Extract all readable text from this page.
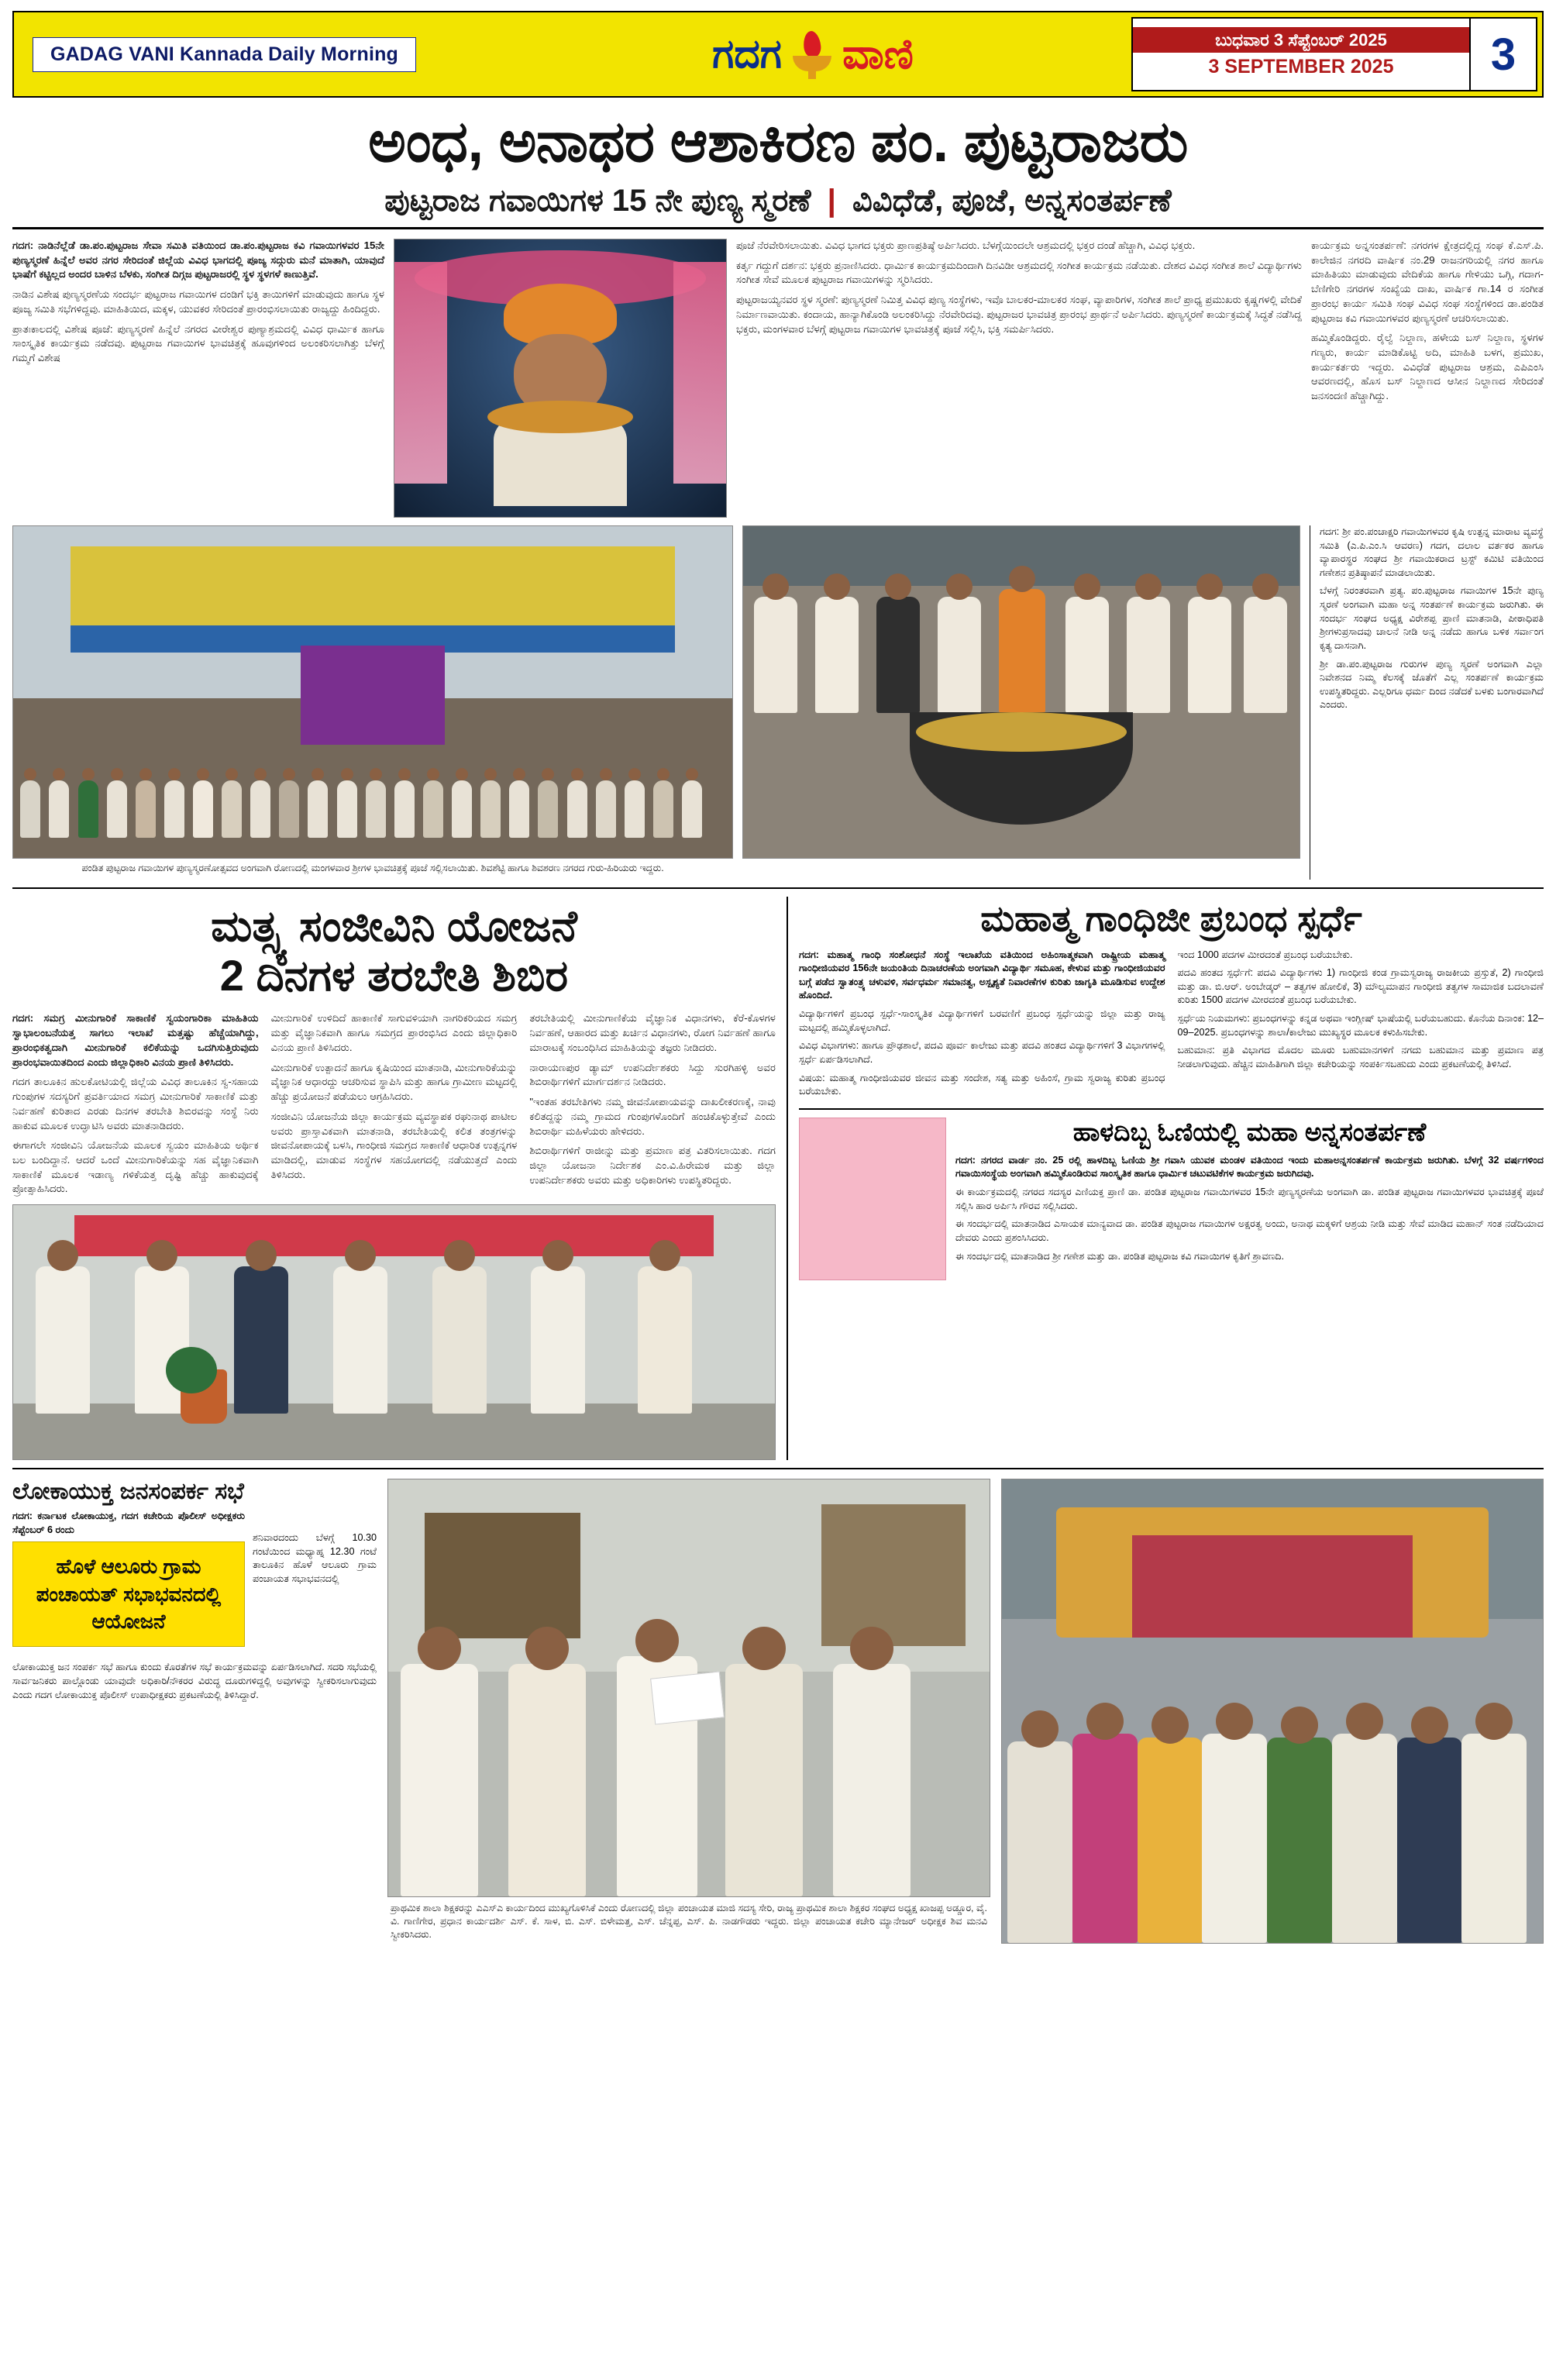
GADAG VANI Kannada Daily Morning	ಗದಗ ವಾಣಿ	ಬುಧವಾರ 3 ಸೆಪ್ಟೆಂಬರ್ 2025
3 SEPTEMBER 2025	3
ಅಂಧ, ಅನಾಥರ ಆಶಾಕಿರಣ ಪಂ. ಪುಟ್ಟರಾಜರು
ಪುಟ್ಟರಾಜ ಗವಾಯಿಗಳ 15 ನೇ ಪುಣ್ಯ ಸ್ಮರಣೆ | ವಿವಿಧೆಡೆ, ಪೂಜೆ, ಅನ್ನಸಂತರ್ಪಣೆ

ಗದಗ: ನಾಡಿನೆಲ್ಲೆಡೆ ಡಾ.ಪಂ.ಪುಟ್ಟರಾಜ ಸೇವಾ ಸಮಿತಿ ವತಿಯಿಂದ ಡಾ.ಪಂ.ಪುಟ್ಟರಾಜ ಕವಿ ಗವಾಯಿಗಳವರ 15ನೇ ಪುಣ್ಯಸ್ಮರಣೆ ಹಿನ್ನೆಲೆ ಅವರ ನಗರ ಸೇರಿದಂತೆ ಜಿಲ್ಲೆಯ ವಿವಿಧ ಭಾಗದಲ್ಲಿ ಪೂಜ್ಯ ಸದ್ಗುರು ಮನೆ ಮಾತಾಗಿ, ಯಾವುದೆ ಭಾಷೆಗೆ ಕಟ್ಟಿಲ್ಲದ ಅಂದರ ಬಾಳಿನ ಬೆಳಕು, ಸಂಗೀತ ದಿಗ್ಗಜ ಪುಟ್ಟರಾಜರಲ್ಲಿ ಸ್ಥಳ ಸ್ಥಳಗಳೆ ಕಾಣುತ್ತಿವೆ.

ನಾಡಿನ ವಿಶೇಷ ಪುಣ್ಯಸ್ಮರಣೆಯ ಸಂದರ್ಭ ಪುಟ್ಟರಾಜ ಗವಾಯಿಗಳ ದಂಡಿಗೆ ಭಕ್ತಿ ತಾಯಿಗಳಿಗೆ ಮಾಡುವುದು ಹಾಗೂ ಸ್ಥಳ ಪೂಜ್ಯ ಸಮಿತಿ ಸಭೆಗಳಿದ್ದವು. ಮಾಹಿತಿಯಿದ, ಮಕ್ಕಳ, ಯುವಕರ ಸೇರಿದಂತೆ ಪ್ರಾರಂಭಿಸಲಾಯಿತು ರಾಜ್ಯದ್ದು ಹಿಂದಿದ್ದರು.

ಪ್ರಾತಃಕಾಲದಲ್ಲಿ ವಿಶೇಷ ಪೂಜೆ: ಪುಣ್ಯಸ್ಮರಣೆ ಹಿನ್ನೆಲೆ ನಗರದ ವೀರೇಶ್ವರ ಪುಣ್ಯಾಶ್ರಮದಲ್ಲಿ ವಿವಿಧ ಧಾರ್ಮಿಕ ಹಾಗೂ ಸಾಂಸ್ಕೃತಿಕ ಕಾರ್ಯಕ್ರಮ ನಡೆದವು. ಪುಟ್ಟರಾಜ ಗವಾಯಿಗಳ ಭಾವಚಿತ್ರಕ್ಕೆ ಹೂವುಗಳಿಂದ ಅಲಂಕರಿಸಲಾಗಿತ್ತು ಬೆಳಗ್ಗೆ ಗಮ್ಮಗೆ ವಿಶೇಷ

ಪೂಜೆ ನೆರವೇರಿಸಲಾಯಿತು. ವಿವಿಧ ಭಾಗದ ಭಕ್ತರು ಪ್ರಾಣಪ್ರತಿಷ್ಠೆ ಅರ್ಪಿಸಿದರು. ಬೆಳಗ್ಗೆಯಿಂದಲೇ ಆಶ್ರಮದಲ್ಲಿ ಭಕ್ತರ ದಂಡೆ ಹೆಚ್ಚಾಗಿ, ವಿವಿಧ ಭಕ್ತರು.

ಕರ್ತೃ ಗದ್ದುಗೆ ದರ್ಶನ: ಭಕ್ತರು ಪ್ರನಾಣಿಸಿದರು. ಧಾರ್ಮಿಕ ಕಾರ್ಯಕ್ರಮದಿಂದಾಗಿ ದಿನವಿಡೀ ಆಶ್ರಮದಲ್ಲಿ ಸಂಗೀತ ಕಾರ್ಯಕ್ರಮ ನಡೆಯಿತು. ದೇಶದ ವಿವಿಧ ಸಂಗೀತ ಶಾಲೆ ವಿದ್ಯಾರ್ಥಿಗಳು ಸಂಗೀತ ಸೇವೆ ಮೂಲಕ ಪುಟ್ಟರಾಜ ಗವಾಯಿಗಳನ್ನು ಸ್ಮರಿಸಿದರು.

ಪುಟ್ಟರಾಜಯ್ಯನವರ ಸ್ಥಳ ಸ್ಮರಣೆ: ಪುಣ್ಯಸ್ಮರಣೆ ನಿಮಿತ್ತ ವಿವಿಧ ಪುಣ್ಯ ಸಂಸ್ಥೆಗಳು, ಇವೊ ಬಾಲಕರ-ಮಾಲಕರ ಸಂಘ, ವ್ಯಾಪಾರಿಗಳ, ಸಂಗೀತ ಶಾಲೆ ಪ್ರಾಧ್ಯ ಪ್ರಮುಖರು ಕೃಷ್ಣಗಳಲ್ಲಿ ವೇದಿಕೆ ನಿರ್ಮಾಣವಾಯಿತು. ಕಂದಾಯ, ಹಾನ್ಯಾಗಿಕೊಂಡಿ ಅಲಂಕರಿಸಿದ್ದು ನೆರವೇರಿದವು. ಪುಟ್ಟರಾಜರ ಭಾವಚಿತ್ರ ಪ್ರಾರಂಭ ಪ್ರಾರ್ಥನೆ ಅರ್ಪಿಸಿದರು. ಪುಣ್ಯಸ್ಮರಣೆ ಕಾರ್ಯಕ್ರಮಕ್ಕೆ ಸಿದ್ಧತೆ ನಡೆಸಿದ್ದ ಭಕ್ತರು, ಮಂಗಳವಾರ ಬೆಳಗ್ಗೆ ಪುಟ್ಟರಾಜ ಗವಾಯಿಗಳ ಭಾವಚಿತ್ರಕ್ಕೆ ಪೂಜೆ ಸಲ್ಲಿಸಿ, ಭಕ್ತಿ ಸಮರ್ಪಿಸಿದರು.

ಕಾರ್ಯಕ್ರಮ ಅನ್ನಸಂತರ್ಪಣೆ: ನಗರಗಳ ಕ್ಷೇತ್ರದಲ್ಲಿದ್ದ ಸಂಘ ಕೆ.ಎಸ್.ಪಿ. ಕಾಲೇಜಿನ ನಗರದಿ ವಾರ್ಷಿಕ ನಂ.29 ರಾಜನಗರಿಯಲ್ಲಿ ನಗರ ಹಾಗೂ ಮಾಹಿತಿಯು ಮಾಡುವುದು ವೇದಿಕೆಯ ಹಾಗೂ ಗೇಳಿಯು ಒಗ್ಗಿ, ಗದಾಗ-ಬೆಣಿಗೇರಿ ನಗರಗಳ ಸಂಖ್ಯೆಯ ದಾಖ, ವಾರ್ಷಿಕ ಗಾ.14 ರ ಸಂಗೀತ ಪ್ರಾರಂಭ ಕಾರ್ಯ ಸಮಿತಿ ಸಂಘ ವಿವಿಧ ಸಂಘ ಸಂಸ್ಥೆಗಳಿಂದ ಡಾ.ಪಂಡಿತ ಪುಟ್ಟರಾಜ ಕವಿ ಗವಾಯಿಗಳವರ ಪುಣ್ಯಸ್ಮರಣೆ ಆಚರಿಸಲಾಯಿತು.

ಹಮ್ಮಿಕೊಂಡಿದ್ದರು. ರೈಲ್ವೆ ನಿಲ್ದಾಣ, ಹಳೇಯ ಬಸ್ ನಿಲ್ದಾಣ, ಸ್ಥಳಗಳ ಗಣ್ಯರು, ಕಾರ್ಯ ಮಾಡಿಕೊಟ್ಟಿ ಅದಿ, ಮಾಹಿತಿ ಬಳಗ, ಪ್ರಮುಖ, ಕಾರ್ಯಕರ್ತರು ಇದ್ದರು. ವಿವಿಧೆಡೆ ಪುಟ್ಟರಾಜ ಆಶ್ರಮ, ಎಪಿಎಂಸಿ ಆವರಣದಲ್ಲಿ, ಹೊಸ ಬಸ್ ನಿಲ್ದಾಣದ ಆಸೀನ ನಿಲ್ದಾಣದ ಸೇರಿದಂತೆ ಜನಸಂದಣಿ ಹೆಚ್ಚಾಗಿದ್ದು.

ಪಂಡಿತ ಪುಟ್ಟರಾಜ ಗವಾಯಿಗಳ ಪುಣ್ಯಸ್ಮರಣೋತ್ಸವದ ಅಂಗವಾಗಿ ರೋಣದಲ್ಲಿ ಮಂಗಳವಾರ ಶ್ರೀಗಳ ಭಾವಚಿತ್ರಕ್ಕೆ ಪೂಜೆ ಸಲ್ಲಿಸಲಾಯಿತು. ಶಿವಶೆಟ್ಟಿ ಹಾಗೂ ಶಿವಶರಣ ನಗರದ ಗುರು-ಹಿರಿಯರು ಇದ್ದರು.

ಗದಗ: ಶ್ರೀ ಪಂ.ಪಂಚಾಕ್ಷರಿ ಗವಾಯಿಗಳವರ ಕೃಷಿ ಉತ್ಪನ್ನ ಮಾರಾಟ ವ್ಯವಸ್ಥೆ ಸಮಿತಿ (ಎ.ಪಿ.ಎಂ.ಸಿ ಆವರಣ) ಗದಗ, ದಲಾಲ ವರ್ತಕರ ಹಾಗೂ ವ್ಯಾಪಾರಸ್ಥರ ಸಂಘದ ಶ್ರೀ ಗವಾಯಿಕರಾದ ಟ್ರಸ್ಟ್ ಕಮಿಟಿ ವತಿಯಿಂದ ಗಣೇಶನ ಪ್ರತಿಷ್ಠಾಪನೆ ಮಾಡಲಾಯಿತು.

ಬೆಳಗ್ಗೆ ನಿರಂತರವಾಗಿ ಪ್ರತ್ಯ. ಪಂ.ಪುಟ್ಟರಾಜ ಗವಾಯಿಗಳ 15ನೇ ಪುಣ್ಯ ಸ್ಮರಣೆ ಅಂಗವಾಗಿ ಮಹಾ ಅನ್ನ ಸಂತರ್ಪಣೆ ಕಾರ್ಯಕ್ರಮ ಜರುಗಿತು. ಈ ಸಂದರ್ಭ ಸಂಘದ ಅಧ್ಯಕ್ಷ ವಿರೇಶಪ್ಪ ಪ್ರಾಣಿ ಮಾತನಾಡಿ, ಪೀಠಾಧಿಪತಿ ಶ್ರೀಗಳುಪ್ರಸಾದವು ಚಾಲನೆ ನೀಡಿ ಅನ್ನ ನಡೆದು ಹಾಗೂ ಬಳಿಕ ಸರ್ವಾಂಗ ಕೃತ್ಯ ದಾಸನಾಗಿ.

ಶ್ರೀ ಡಾ.ಪಂ.ಪುಟ್ಟರಾಜ ಗುರುಗಳ ಪುಣ್ಯ ಸ್ಮರಣೆ ಅಂಗವಾಗಿ ಎಲ್ಲಾ ನಿವೇಶನದ ನಿಮ್ಮ ಕೆಲಸಕ್ಕೆ ಜೊತೆಗೆ ಎಲ್ಲ ಸಂತರ್ಪಣೆ ಕಾರ್ಯಕ್ರಮ ಉಪಸ್ಥಿತರಿದ್ದರು. ಎಲ್ಲರಿಗೂ ಧರ್ಮ ದಿಂದ ನಡೆದಕೆ ಬಳಕು ಬಂಗಾರವಾಗಿದೆ ಎಂದರು.

ಮತ್ಸ್ಯ ಸಂಜೀವಿನಿ ಯೋಜನೆ
2 ದಿನಗಳ ತರಬೇತಿ ಶಿಬಿರ

ಗದಗ: ಸಮಗ್ರ ಮೀನುಗಾರಿಕೆ ಸಾಕಾಣಿಕೆ ಸ್ವಯಂಗಾರಿಕಾ ಮಾಹಿತಿಯ ಸ್ವಾಭಾಲಂಬನೆಯತ್ತ ಸಾಗಲು ಇಲಾಖೆ ಮತ್ತಷ್ಟು ಹೆಚ್ಚೆಯಾಗಿದ್ದು, ಪ್ರಾರಂಭಿಕತ್ವದಾಗಿ ಮೀನುಗಾರಿಕೆ ಕಲಿಕೆಯನ್ನು ಒದಗಿಸುತ್ತಿರುವುದು ಪ್ರಾರಂಭವಾಯಿತದಿಂದ ಎಂದು ಜಿಲ್ಲಾಧಿಕಾರಿ ವಿನಯ ಪ್ರಾಣಿ ತಿಳಿಸಿದರು.

ಗದಗ ತಾಲೂಕಿನ ಹುಲಕೋಟಿಯಲ್ಲಿ ಜಿಲ್ಲೆಯ ವಿವಿಧ ತಾಲೂಕಿನ ಸ್ವ-ಸಹಾಯ ಗುಂಪುಗಳ ಸದಸ್ಯರಿಗೆ ಪ್ರವರ್ತಿಯಾದ ಸಮಗ್ರ ಮೀನುಗಾರಿಕೆ ಸಾಕಾಣಿಕೆ ಮತ್ತು ನಿರ್ವಹಣೆ ಕುರಿತಾದ ಎರಡು ದಿನಗಳ ತರಬೇತಿ ಶಿಬಿರವನ್ನು ಸಂಸ್ಥೆ ನಿರು ಹಾಕುವ ಮೂಲಕ ಉದ್ಘಾಟಿಸಿ ಅವರು ಮಾತನಾಡಿದರು.

ಈಗಾಗಲೇ ಸಂಜೀವಿನಿ ಯೋಜನೆಯ ಮೂಲಕ ಸ್ವಯಂ ಮಾಹಿತಿಯ ಅರ್ಥಿಕ ಬಲ ಬಂದಿದ್ದಾನೆ. ಆದರೆ ಒಂದೆ ಮೀನುಗಾರಿಕೆಯನ್ನು ಸಹ ವೈಜ್ಞಾನಿಕವಾಗಿ ಸಾಕಾಣಿಕೆ ಮೂಲಕ ಇಡಾಣ್ಯ ಗಳಿಕೆಯತ್ತ ದೃಷ್ಟಿ ಹೆಚ್ಚು ಹಾಕುವುದಕ್ಕೆ ಪ್ರೋತ್ಸಾಹಿಸಿದರು.

ಮೀನುಗಾರಿಕೆ ಉಳಿದಿದೆ ಹಾಕಾಣಿಕೆ ಸಾಗುವಳಿಯಾಗಿ ನಾಗರಿಕರಿಯದ ಸಮಗ್ರ ಮತ್ತು ವೈಜ್ಞಾನಿಕವಾಗಿ ಹಾಗೂ ಸಮಗ್ರದ ಪ್ರಾರಂಭಿಸಿದ ಎಂದು ಜಿಲ್ಲಾಧಿಕಾರಿ ವಿನಯ ಪ್ರಾಣಿ ತಿಳಿಸಿದರು.

ಮೀನುಗಾರಿಕೆ ಉತ್ಪಾದನೆ ಹಾಗೂ ಕೃಷಿಯಿಂದ ಮಾತನಾಡಿ, ಮೀನುಗಾರಿಕೆಯನ್ನು ವೈಜ್ಞಾನಿಕ ಆಧಾರದ್ದು ಆಚರಿಸುವ ಸ್ಥಾಪಿಸಿ ಮತ್ತು ಹಾಗೂ ಗ್ರಾಮೀಣ ಮಟ್ಟದಲ್ಲಿ ಹೆಚ್ಚು ಪ್ರಯೋಜನೆ ಪಡೆಯಲು ಆಗ್ರಹಿಸಿದರು.

ಸಂಜೀವಿನಿ ಯೋಜನೆಯ ಜಿಲ್ಲಾ ಕಾರ್ಯಕ್ರಮ ವ್ಯವಸ್ಥಾಪಕ ರಘುನಾಥ ಪಾಟೀಲ ಅವರು ಪ್ರಾಸ್ತಾವಿಕವಾಗಿ ಮಾತನಾಡಿ, ತರಬೇತಿಯಲ್ಲಿ ಕಲಿತ ತಂತ್ರಗಳನ್ನು ಜೀವನೋಪಾಯಕ್ಕೆ ಬಳಸಿ, ಗಾಂಧೀಜಿ ಸಮಗ್ರದ ಸಾಕಾಣಿಕೆ ಆಧಾರಿತ ಉತ್ಪನ್ನಗಳ ಮಾಡಿದಲ್ಲಿ, ಮಾಡುವ ಸಂಸ್ಥೆಗಳ ಸಹಯೋಗದಲ್ಲಿ ನಡೆಯುತ್ತದೆ ಎಂದು ತಿಳಿಸಿದರು.

ತರಬೇತಿಯಲ್ಲಿ ಮೀನುಗಾಣಿಕೆಯ ವೈಜ್ಞಾನಿಕ ವಿಧಾನಗಳು, ಕೆರೆ-ಕೊಳಗಳ ನಿರ್ವಹಣೆ, ಆಹಾರದ ಮತ್ತು ಖರ್ಚಿನ ವಿಧಾನಗಳು, ರೋಗ ನಿರ್ವಹಣೆ ಹಾಗೂ ಮಾರಾಟಕ್ಕೆ ಸಂಬಂಧಿಸಿದ ಮಾಹಿತಿಯನ್ನು ತಜ್ಞರು ನೀಡಿದರು.

ನಾರಾಯಣಪುರ ಡ್ಯಾಮ್ ಉಪನಿರ್ದೇಶಕರು ಸಿದ್ದು ಸುರಗಿಹಳ್ಳಿ ಅವರ ಶಿಬಿರಾರ್ಥಿಗಳಿಗೆ ಮಾರ್ಗದರ್ಶನ ನೀಡಿದರು.

"ಇಂತಹ ತರಬೇತಿಗಳು ನಮ್ಮ ಜೀವನೋಪಾಯವನ್ನು ದಾಖಲೀಕರಣಕ್ಕೆ, ನಾವು ಕಲಿತದ್ದನ್ನು ನಮ್ಮ ಗ್ರಾಮದ ಗುಂಪುಗಳೊಂದಿಗೆ ಹಂಚಿಕೊಳ್ಳುತ್ತೇವೆ ಎಂದು ಶಿಬಿರಾರ್ಥಿ ಮಹಿಳೆಯರು ಹೇಳಿದರು.

ಶಿಬಿರಾರ್ಥಿಗಳಿಗೆ ರಾಜೀನ್ನು ಮತ್ತು ಪ್ರಮಾಣ ಪತ್ರ ವಿತರಿಸಲಾಯಿತು. ಗದಗ ಜಿಲ್ಲಾ ಯೋಜನಾ ನಿರ್ದೇಶಕ ಎಂ.ವಿ.ಹಿರೇಮಠ ಮತ್ತು ಜಿಲ್ಲಾ ಉಪನಿರ್ದೇಶಕರು ಅವರು ಮತ್ತು ಅಧಿಕಾರಿಗಳು ಉಪಸ್ಥಿತರಿದ್ದರು.

ಮಹಾತ್ಮ ಗಾಂಧಿಜೀ ಪ್ರಬಂಧ ಸ್ಪರ್ಧೆ

ಗದಗ: ಮಹಾತ್ಮ ಗಾಂಧಿ ಸಂಶೋಧನೆ ಸಂಸ್ಥೆ ಇಲಾಖೆಯ ವತಿಯಿಂದ ಅಹಿಂಸಾತ್ಮಕವಾಗಿ ರಾಷ್ಟ್ರೀಯ ಮಹಾತ್ಮ ಗಾಂಧೀಜಿಯವರ 156ನೇ ಜಯಂತಿಯ ದಿನಾಚರಣೆಯ ಅಂಗವಾಗಿ ವಿದ್ಯಾರ್ಥಿ ಸಮೂಹ, ಕೇಳುವ ಮತ್ತು ಗಾಂಧೀಜಿಯವರ ಬಗ್ಗೆ ಪಡೆದ ಸ್ವಾತಂತ್ರ್ಯ ಚಳುವಳಿ, ಸರ್ವಧರ್ಮ ಸಮಾನತ್ವ, ಅಸ್ಪೃಶ್ಯತೆ ನಿವಾರಣೆಗಳ ಕುರಿತು ಜಾಗೃತಿ ಮೂಡಿಸುವ ಉದ್ದೇಶ ಹೊಂದಿದೆ.

ವಿದ್ಯಾರ್ಥಿಗಳಿಗೆ ಪ್ರಬಂಧ ಸ್ಪರ್ಧೆ-ಸಾಂಸ್ಕೃತಿಕ ವಿದ್ಯಾರ್ಥಿಗಳಿಗೆ ಬರವಣಿಗೆ ಪ್ರಬಂಧ ಸ್ಪರ್ಧೆಯನ್ನು ಜಿಲ್ಲಾ ಮತ್ತು ರಾಜ್ಯ ಮಟ್ಟದಲ್ಲಿ ಹಮ್ಮಿಕೊಳ್ಳಲಾಗಿದೆ.

ವಿವಿಧ ವಿಭಾಗಗಳು: ಹಾಗೂ ಪ್ರೌಢಶಾಲೆ, ಪದವಿ ಪೂರ್ವ ಕಾಲೇಜು ಮತ್ತು ಪದವಿ ಹಂತದ ವಿದ್ಯಾರ್ಥಿಗಳಿಗೆ 3 ವಿಭಾಗಗಳಲ್ಲಿ ಸ್ಪರ್ಧೆ ಏರ್ಪಡಿಸಲಾಗಿದೆ.

ವಿಷಯ: ಮಹಾತ್ಮ ಗಾಂಧೀಜಿಯವರ ಜೀವನ ಮತ್ತು ಸಂದೇಶ, ಸತ್ಯ ಮತ್ತು ಅಹಿಂಸೆ, ಗ್ರಾಮ ಸ್ವರಾಜ್ಯ ಕುರಿತು ಪ್ರಬಂಧ ಬರೆಯಬೇಕು.

ಇಂದ 1000 ಪದಗಳ ಮೀರದಂತೆ ಪ್ರಬಂಧ ಬರೆಯಬೇಕು.

ಪದವಿ ಹಂತದ ಸ್ಪರ್ಧೆಗೆ: ಪದವಿ ವಿದ್ಯಾರ್ಥಿಗಳು 1) ಗಾಂಧೀಜಿ ಕಂಡ ಗ್ರಾಮಸ್ವರಾಜ್ಯ ರಾಜಕೀಯ ಪ್ರಸ್ತುತೆ, 2) ಗಾಂಧೀಜಿ ಮತ್ತು ಡಾ. ಬಿ.ಆರ್. ಅಂಬೇಡ್ಕರ್ – ತತ್ವಗಳ ಹೋಲಿಕೆ, 3) ಮೌಲ್ಯಮಾಪನ ಗಾಂಧೀಜಿ ತತ್ವಗಳ ಸಾಮಾಜಿಕ ಬದಲಾವಣೆ ಕುರಿತು 1500 ಪದಗಳ ಮೀರದಂತೆ ಪ್ರಬಂಧ ಬರೆಯಬೇಕು.

ಸ್ಪರ್ಧೆಯ ನಿಯಮಗಳು: ಪ್ರಬಂಧಗಳನ್ನು ಕನ್ನಡ ಅಥವಾ ಇಂಗ್ಲೀಷ್ ಭಾಷೆಯಲ್ಲಿ ಬರೆಯಬಹುದು. ಕೊನೆಯ ದಿನಾಂಕ: 12–09–2025. ಪ್ರಬಂಧಗಳನ್ನು ಶಾಲಾ/ಕಾಲೇಜು ಮುಖ್ಯಸ್ಥರ ಮೂಲಕ ಕಳುಹಿಸಬೇಕು.

ಬಹುಮಾನ: ಪ್ರತಿ ವಿಭಾಗದ ಮೊದಲ ಮೂರು ಬಹುಮಾನಗಳಿಗೆ ನಗದು ಬಹುಮಾನ ಮತ್ತು ಪ್ರಮಾಣ ಪತ್ರ ನೀಡಲಾಗುವುದು. ಹೆಚ್ಚಿನ ಮಾಹಿತಿಗಾಗಿ ಜಿಲ್ಲಾ ಕಚೇರಿಯನ್ನು ಸಂಪರ್ಕಿಸಬಹುದು ಎಂದು ಪ್ರಕಟಣೆಯಲ್ಲಿ ತಿಳಿಸಿದೆ.

ಹಾಳದಿಬ್ಬ ಓಣಿಯಲ್ಲಿ ಮಹಾ ಅನ್ನಸಂತರ್ಪಣೆ

ಗದಗ: ನಗರದ ವಾರ್ಡ ನಂ. 25 ರಲ್ಲಿ ಹಾಳದಿಬ್ಬ ಓಣಿಯ ಶ್ರೀ ಗವಾಸಿ ಯುವಕ ಮಂಡಳ ವತಿಯಿಂದ ಇಂದು ಮಹಾಅನ್ನಸಂತರ್ಪಣೆ ಕಾರ್ಯಕ್ರಮ ಜರುಗಿತು. ಬೆಳಗ್ಗೆ 32 ವರ್ಷಗಳಿಂದ ಗವಾಯಿಸಂಸ್ಥೆಯ ಅಂಗವಾಗಿ ಹಮ್ಮಿಕೊಂಡಿರುವ ಸಾಂಸ್ಕೃತಿಕ ಹಾಗೂ ಧಾರ್ಮಿಕ ಚಟುವಟಿಕೆಗಳ ಕಾರ್ಯಕ್ರಮ ಜರುಗಿದವು.

ಈ ಕಾರ್ಯಕ್ರಮದಲ್ಲಿ ನಗರದ ಸದಸ್ಯರ ಎಣಿಯಕ್ತ ಪ್ರಾಣಿ ಡಾ. ಪಂಡಿತ ಪುಟ್ಟರಾಜ ಗವಾಯಿಗಳವರ 15ನೇ ಪುಣ್ಯಸ್ಮರಣೆಯ ಅಂಗವಾಗಿ ಡಾ. ಪಂಡಿತ ಪುಟ್ಟರಾಜ ಗವಾಯಿಗಳವರ ಭಾವಚಿತ್ರಕ್ಕೆ ಪೂಜೆ ಸಲ್ಲಿಸಿ ಹಾರ ಅರ್ಪಿಸಿ ಗೌರವ ಸಲ್ಲಿಸಿದರು.

ಈ ಸಂದರ್ಭದಲ್ಲಿ ಮಾತನಾಡಿದ ಎಸಾಯಕ ಮಾನ್ಯವಾದ ಡಾ. ಪಂಡಿತ ಪುಟ್ಟರಾಜ ಗವಾಯಿಗಳ ಅಕ್ಷರತ್ವ ಅಂದು, ಅನಾಥ ಮಕ್ಕಳಿಗೆ ಆಶ್ರಯ ನೀಡಿ ಮತ್ತು ಸೇವೆ ಮಾಡಿದ ಮಹಾನ್ ಸಂತ ನಡೆದಿಯಾದ ದೇವರು ಎಂದು ಪ್ರಶಂಸಿಸಿದರು.

ಈ ಸಂದರ್ಭದಲ್ಲಿ ಮಾತನಾಡಿದ ಶ್ರೀ ಗಣೇಶ ಮತ್ತು ಡಾ. ಪಂಡಿತ ಪುಟ್ಟರಾಜ ಕವಿ ಗವಾಯಿಗಳ ಕೃತಿಗೆ ಶ್ರಾವಣದಿ.

ಲೋಕಾಯುಕ್ತ ಜನಸಂಪರ್ಕ ಸಭೆ

ಗದಗ: ಕರ್ನಾಟಕ ಲೋಕಾಯುಕ್ತ, ಗದಗ ಕಚೇರಿಯ ಪೊಲೀಸ್ ಅಧೀಕ್ಷಕರು ಸೆಪ್ಟೆಂಬರ್ 6 ರಂದು

ಹೊಳೆ ಆಲೂರು ಗ್ರಾಮ ಪಂಚಾಯತ್ ಸಭಾಭವನದಲ್ಲಿ ಆಯೋಜನೆ

ಶನಿವಾರದಂದು ಬೆಳಗ್ಗೆ 10.30 ಗಂಟೆಯಿಂದ ಮಧ್ಯಾಹ್ನ 12.30 ಗಂಟೆ ತಾಲೂಕಿನ ಹೊಳೆ ಆಲೂರು ಗ್ರಾಮ ಪಂಚಾಯತ ಸಭಾಭವನದಲ್ಲಿ

ಲೋಕಾಯುಕ್ತ ಜನ ಸಂಪರ್ಕ ಸಭೆ ಹಾಗೂ ಕುಂದು ಕೊರತೆಗಳ ಸಭೆ ಕಾರ್ಯಕ್ರಮವನ್ನು ಏರ್ಪಡಿಸಲಾಗಿದೆ. ಸದರಿ ಸಭೆಯಲ್ಲಿ ಸಾರ್ವಜನಿಕರು ಪಾಲ್ಗೊಂಡು ಯಾವುದೇ ಅಧಿಕಾರಿ/ನೌಕರರ ವಿರುದ್ಧ ದೂರುಗಳಿದ್ದಲ್ಲಿ ಅವುಗಳನ್ನು ಸ್ವೀಕರಿಸಲಾಗುವುದು ಎಂದು ಗದಗ ಲೋಕಾಯುಕ್ತ ಪೊಲೀಸ್ ಉಪಾಧೀಕ್ಷಕರು ಪ್ರಕಟಣೆಯಲ್ಲಿ ತಿಳಿಸಿದ್ದಾರೆ.

ಪ್ರಾಥಮಿಕ ಶಾಲಾ ಶಿಕ್ಷಕರನ್ನು ಎಎಸ್‍ಎ ಕಾರ್ಯದಿಂದ ಮುಖ್ಯಗೊಳಿಸಿಕೆ ಎಂದು ರೋಣದಲ್ಲಿ ಜಿಲ್ಲಾ ಪಂಚಾಯತ ಮಾಜಿ ಸದಸ್ಯ ಸೇರಿ, ರಾಜ್ಯ ಪ್ರಾಥಮಿಕ ಶಾಲಾ ಶಿಕ್ಷಕರ ಸಂಘದ ಅಧ್ಯಕ್ಷ ಖಾಜಪ್ಪ ಅಡ್ಡೂರ, ವೈ. ವಿ. ಗಾಣಿಗೇರ, ಪ್ರಧಾನ ಕಾರ್ಯದರ್ಶಿ ಎಸ್. ಕೆ. ಸಾಳ, ಬಿ. ಎಸ್. ಬಿಳೇಮತ್ತ, ಎಸ್. ಚೆನ್ನಪ್ಪ, ಎಸ್. ಪಿ. ನಾಡಗೌಡರು ಇದ್ದರು. ಜಿಲ್ಲಾ ಪಂಚಾಯತ ಕಚೇರಿ ಮ್ಯಾನೇಜರ್ ಅಧೀಕ್ಷಕ ಶಿವ ಮನವಿ ಸ್ವೀಕರಿಸಿದರು.
